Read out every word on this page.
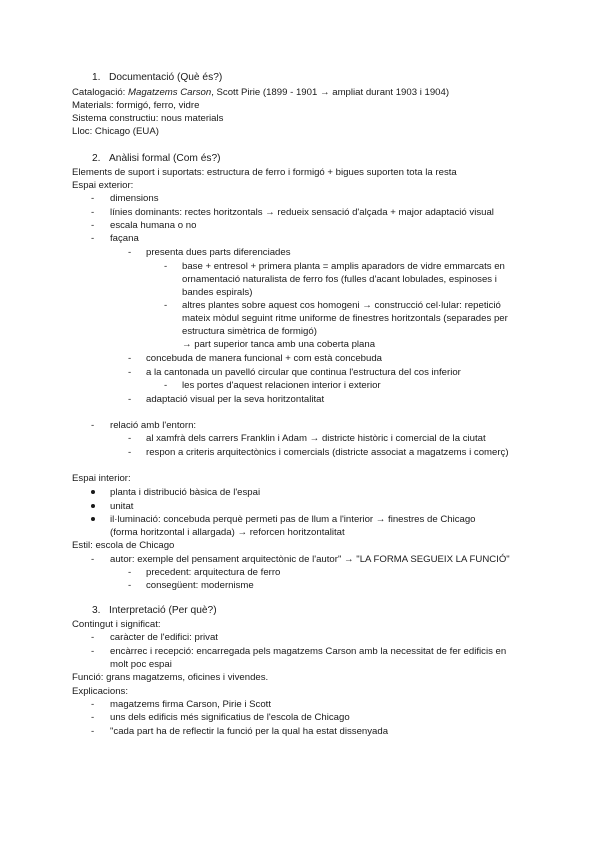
1. Documentació (Què és?)
Catalogació: Magatzems Carson, Scott Pirie (1899 - 1901 → ampliat durant 1903 i 1904)
Materials: formigó, ferro, vidre
Sistema constructiu: nous materials
Lloc: Chicago (EUA)
2. Anàlisi formal (Com és?)
Elements de suport i suportats: estructura de ferro i formigó + bigues suporten tota la resta
Espai exterior:
- dimensions
- línies dominants: rectes horitzontals → redueix sensació d'alçada + major adaptació visual
- escala humana o no
- façana
- presenta dues parts diferenciades
- base + entresol + primera planta = amplis aparadors de vidre emmarcats en
ornamentació naturalista de ferro fos (fulles d'acant lobulades, espinoses i
bandes espirals)
- altres plantes sobre aquest cos homogeni → construcció cel·lular: repetició
mateix mòdul seguint ritme uniforme de finestres horitzontals (separades per
estructura simètrica de formigó)
→ part superior tanca amb una coberta plana
- concebuda de manera funcional + com està concebuda
- a la cantonada un pavelló circular que continua l'estructura del cos inferior
- les portes d'aquest relacionen interior i exterior
- adaptació visual per la seva horitzontalitat
- relació amb l'entorn:
- al xamfrà dels carrers Franklin i Adam → districte històric i comercial de la ciutat
- respon a criteris arquitectònics i comercials (districte associat a magatzems i comerç)
Espai interior:
planta i distribució bàsica de l'espai
unitat
il·luminació: concebuda perquè permeti pas de llum a l'interior → finestres de Chicago
(forma horitzontal i allargada) → reforcen horitzontalitat
Estil: escola de Chicago
- autor: exemple del pensament arquitectònic de l'autor" → "LA FORMA SEGUEIX LA FUNCIÓ"
- precedent: arquitectura de ferro
- consegüent: modernisme
3. Interpretació (Per què?)
Contingut i significat:
- caràcter de l'edifici: privat
- encàrrec i recepció: encarregada pels magatzems Carson amb la necessitat de fer edificis en
molt poc espai
Funció: grans magatzems, oficines i vivendes.
Explicacions:
- magatzems firma Carson, Pirie i Scott
- uns dels edificis més significatius de l'escola de Chicago
- "cada part ha de reflectir la funció per la qual ha estat dissenyada
